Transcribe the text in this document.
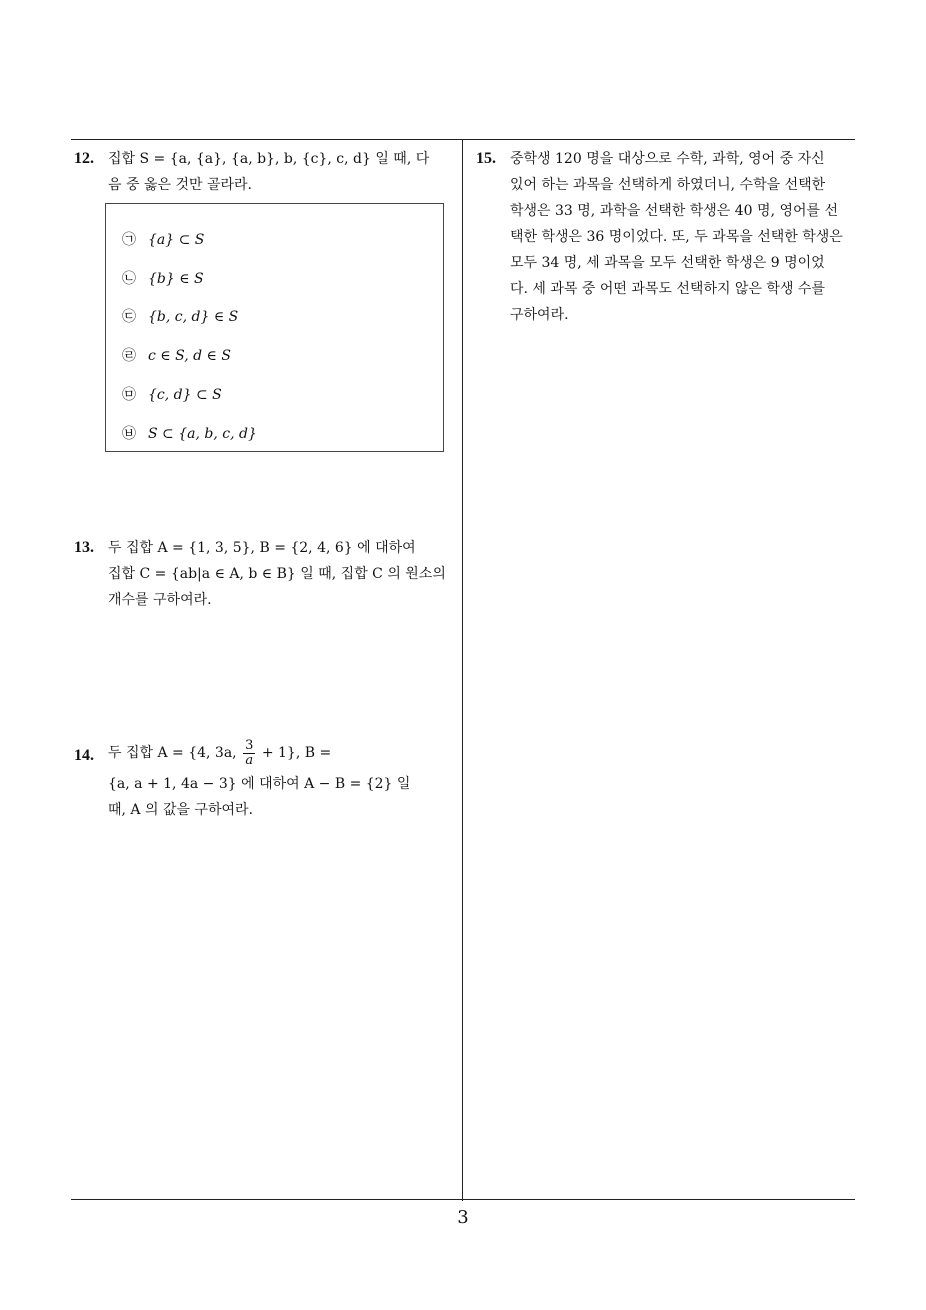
12. 집합 S = {a, {a}, {a, b}, b, {c}, c, d} 일 때, 다
음 중 옳은 것만 골라라.
㉠ {a} ⊂ S
㉡ {b} ∈ S
㉢ {b, c, d} ∈ S
㉣ c ∈ S, d ∈ S
㉤ {c, d} ⊂ S
㉥ S ⊂ {a, b, c, d}
13. 두 집합 A = {1, 3, 5}, B = {2, 4, 6} 에 대하여
집합 C = {ab|a ∈ A, b ∈ B} 일 때, 집합 C 의 원소의
개수를 구하여라.
14. 두 집합 A = {4, 3a, $\frac{3}{a} + 1$}, B =
{a, a + 1, 4a − 3} 에 대하여 A − B = {2} 일
때, A 의 값을 구하여라.
15. 중학생 120 명을 대상으로 수학, 과학, 영어 중 자신
있어 하는 과목을 선택하게 하였더니, 수학을 선택한
학생은 33 명, 과학을 선택한 학생은 40 명, 영어를 선
택한 학생은 36 명이었다. 또, 두 과목을 선택한 학생은
모두 34 명, 세 과목을 모두 선택한 학생은 9 명이었
다. 세 과목 중 어떤 과목도 선택하지 않은 학생 수를
구하여라.
3
